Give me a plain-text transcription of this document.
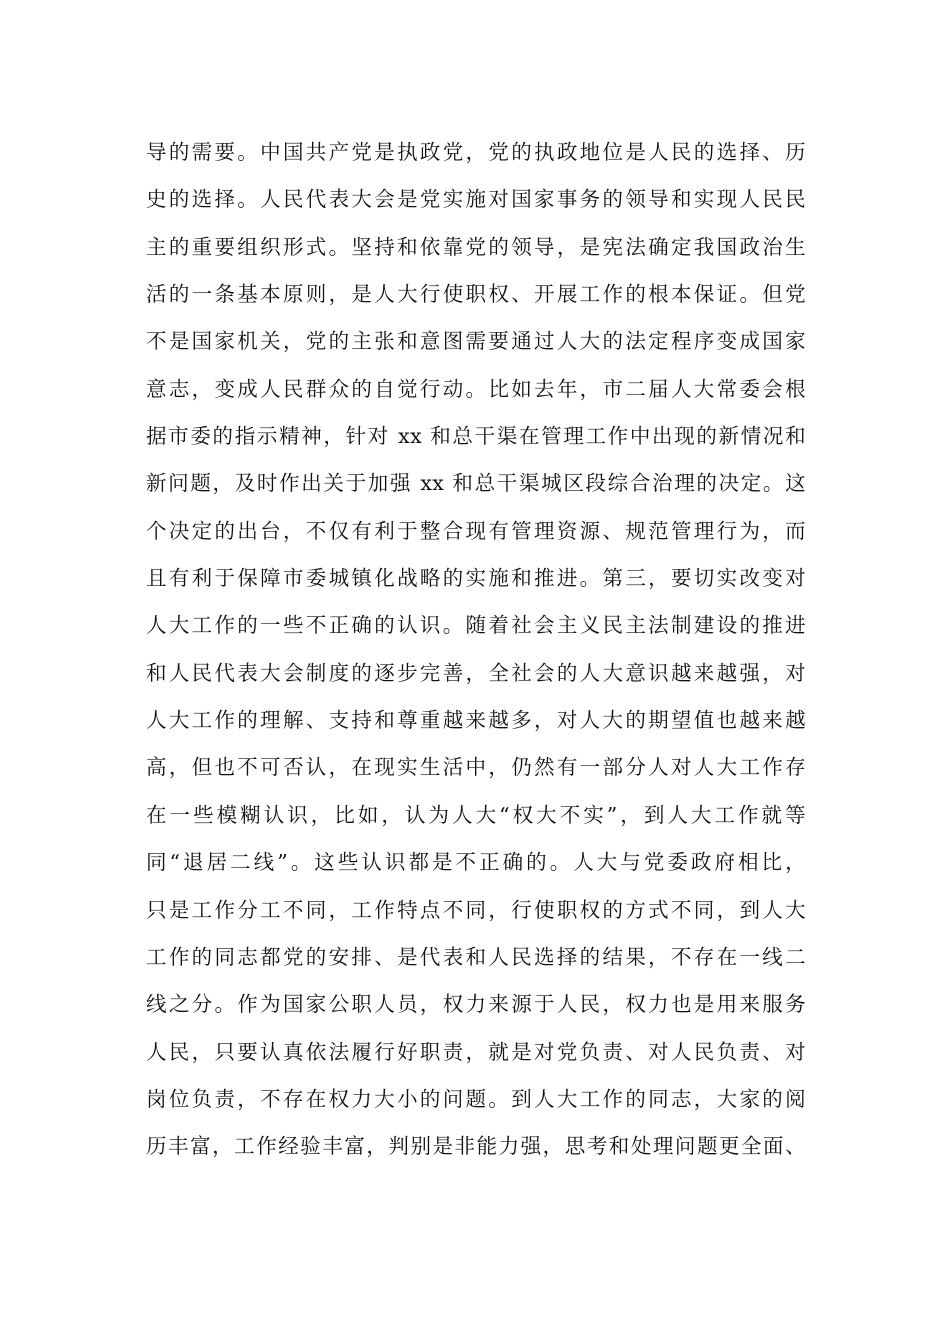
导的需要。中国共产党是执政党，党的执政地位是人民的选择、历
史的选择。人民代表大会是党实施对国家事务的领导和实现人民民
主的重要组织形式。坚持和依靠党的领导，是宪法确定我国政治生
活的一条基本原则，是人大行使职权、开展工作的根本保证。但党
不是国家机关，党的主张和意图需要通过人大的法定程序变成国家
意志，变成人民群众的自觉行动。比如去年，市二届人大常委会根
据市委的指示精神，针对 xx 和总干渠在管理工作中出现的新情况和
新问题，及时作出关于加强 xx 和总干渠城区段综合治理的决定。这
个决定的出台，不仅有利于整合现有管理资源、规范管理行为，而
且有利于保障市委城镇化战略的实施和推进。第三，要切实改变对
人大工作的一些不正确的认识。随着社会主义民主法制建设的推进
和人民代表大会制度的逐步完善，全社会的人大意识越来越强，对
人大工作的理解、支持和尊重越来越多，对人大的期望值也越来越
高，但也不可否认，在现实生活中，仍然有一部分人对人大工作存
在一些模糊认识，比如，认为人大“权大不实”，到人大工作就等
同“退居二线”。这些认识都是不正确的。人大与党委政府相比，
只是工作分工不同，工作特点不同，行使职权的方式不同，到人大
工作的同志都党的安排、是代表和人民选择的结果，不存在一线二
线之分。作为国家公职人员，权力来源于人民，权力也是用来服务
人民，只要认真依法履行好职责，就是对党负责、对人民负责、对
岗位负责，不存在权力大小的问题。到人大工作的同志，大家的阅
历丰富，工作经验丰富，判别是非能力强，思考和处理问题更全面、
